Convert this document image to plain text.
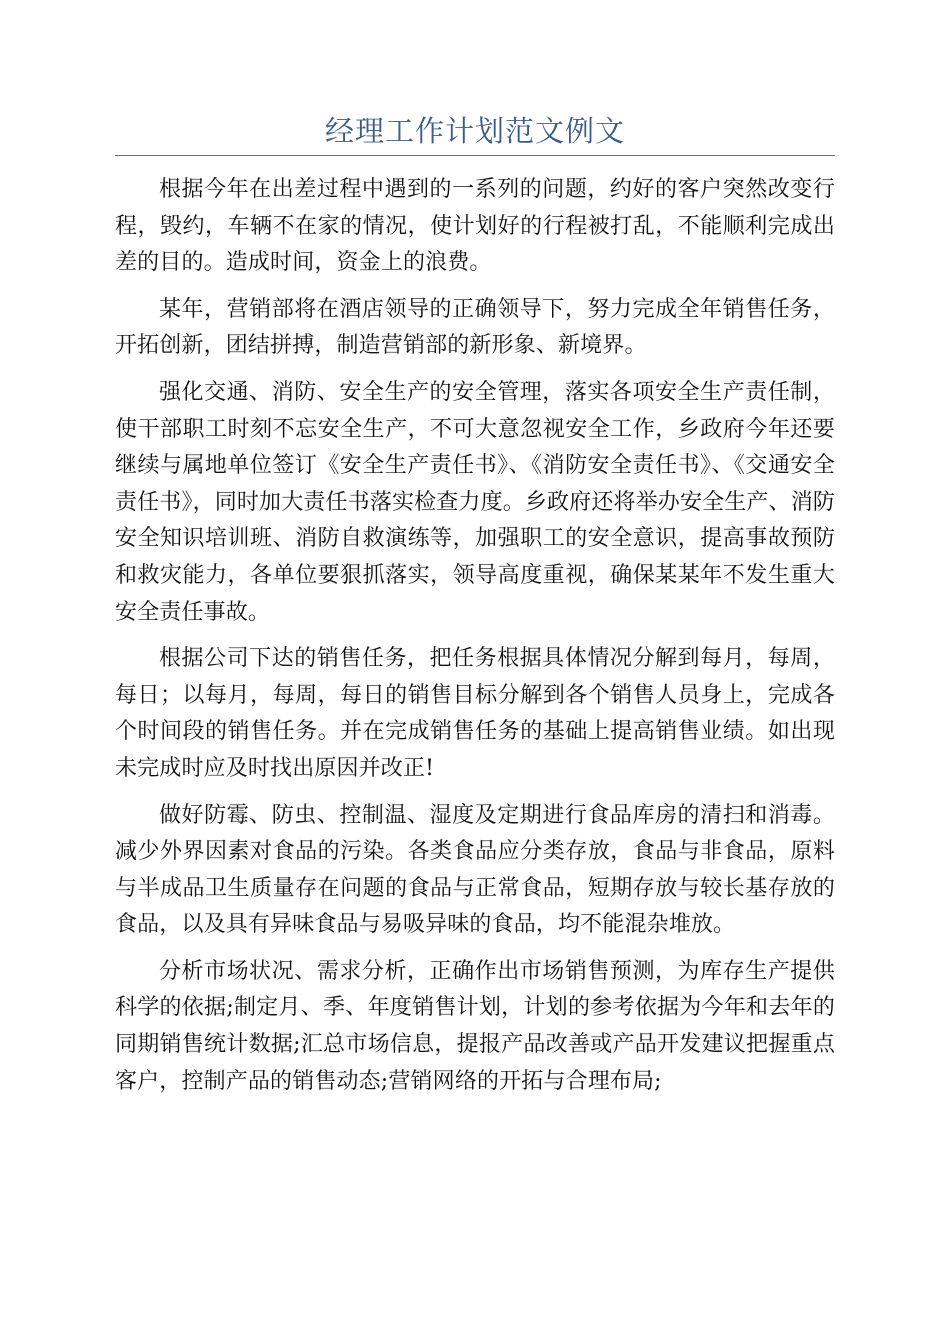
经理工作计划范文例文

根据今年在出差过程中遇到的一系列的问题，约好的客户突然改变行程，毁约，车辆不在家的情况，使计划好的行程被打乱，不能顺利完成出差的目的。造成时间，资金上的浪费。

某年，营销部将在酒店领导的正确领导下，努力完成全年销售任务，开拓创新，团结拼搏，制造营销部的新形象、新境界。

强化交通、消防、安全生产的安全管理，落实各项安全生产责任制，使干部职工时刻不忘安全生产，不可大意忽视安全工作，乡政府今年还要继续与属地单位签订《安全生产责任书》、《消防安全责任书》、《交通安全责任书》，同时加大责任书落实检查力度。乡政府还将举办安全生产、消防安全知识培训班、消防自救演练等，加强职工的安全意识，提高事故预防和救灾能力，各单位要狠抓落实，领导高度重视，确保某某年不发生重大安全责任事故。

根据公司下达的销售任务，把任务根据具体情况分解到每月，每周，每日；以每月，每周，每日的销售目标分解到各个销售人员身上，完成各个时间段的销售任务。并在完成销售任务的基础上提高销售业绩。如出现未完成时应及时找出原因并改正!

做好防霉、防虫、控制温、湿度及定期进行食品库房的清扫和消毒。减少外界因素对食品的污染。各类食品应分类存放，食品与非食品，原料与半成品卫生质量存在问题的食品与正常食品，短期存放与较长基存放的食品，以及具有异味食品与易吸异味的食品，均不能混杂堆放。

分析市场状况、需求分析，正确作出市场销售预测，为库存生产提供科学的依据;制定月、季、年度销售计划，计划的参考依据为今年和去年的同期销售统计数据;汇总市场信息，提报产品改善或产品开发建议把握重点客户，控制产品的销售动态;营销网络的开拓与合理布局;
